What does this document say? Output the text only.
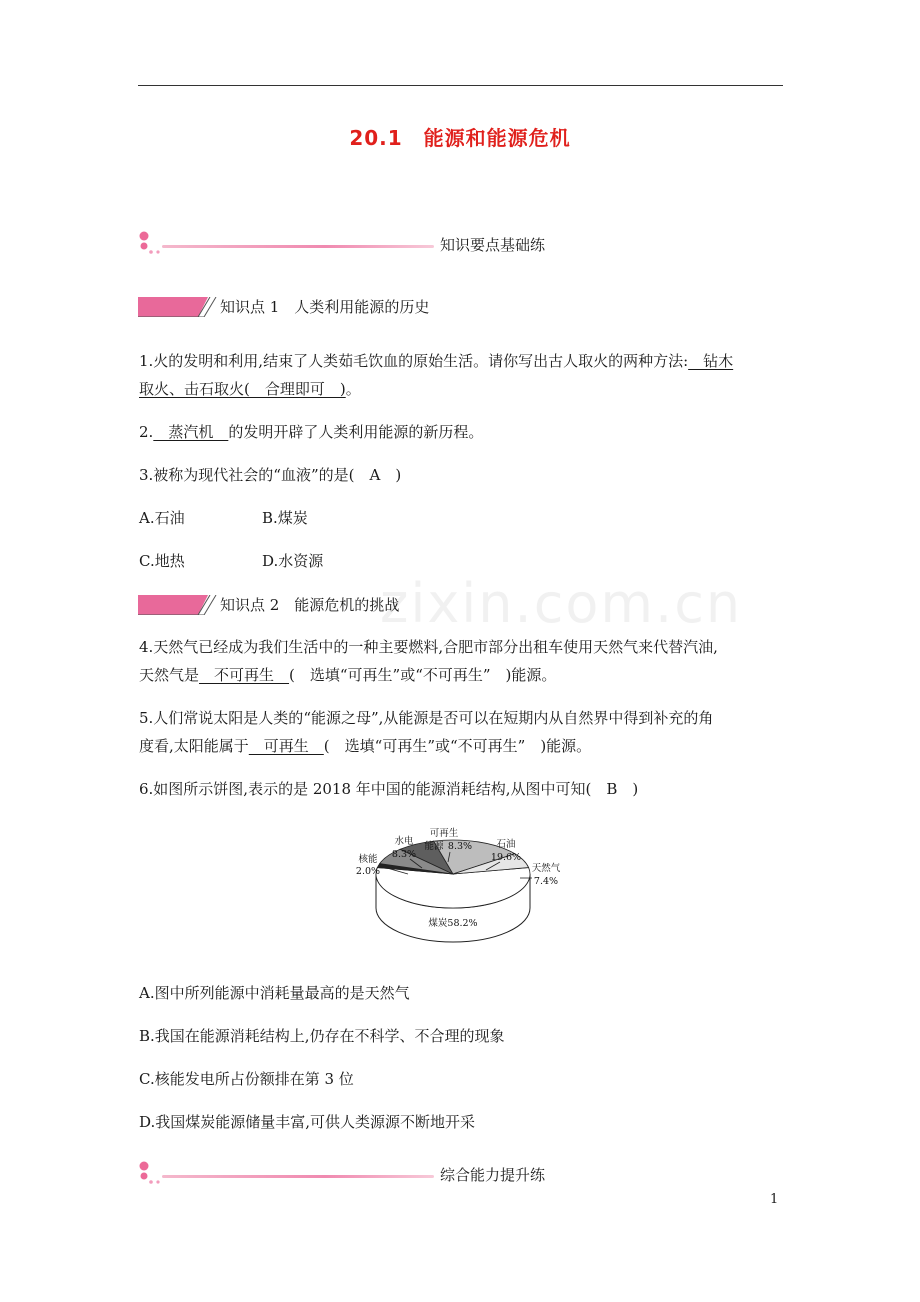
20.1　能源和能源危机
zixin.com.cn
知识要点基础练
知识点 1　人类利用能源的历史
1.火的发明和利用,结束了人类茹毛饮血的原始生活。请你写出古人取火的两种方法:　钻木
取火、击石取火(　合理即可　)。
2.　蒸汽机　的发明开辟了人类利用能源的新历程。
3.被称为现代社会的“血液”的是(　A　)
A.石油	B.煤炭
C.地热	D.水资源
知识点 2　能源危机的挑战
4.天然气已经成为我们生活中的一种主要燃料,合肥市部分出租车使用天然气来代替汽油,
天然气是　不可再生　(　选填“可再生”或“不可再生”　)能源。
5.人们常说太阳是人类的“能源之母”,从能源是否可以在短期内从自然界中得到补充的角
度看,太阳能属于　可再生　(　选填“可再生”或“不可再生”　)能源。
6.如图所示饼图,表示的是 2018 年中国的能源消耗结构,从图中可知(　B　)
煤炭58.2%
核能
2.0%
水电
8.3%
可再生
能源 8.3%	石油
19.6%
天然气
7.4%
A.图中所列能源中消耗量最高的是天然气
B.我国在能源消耗结构上,仍存在不科学、不合理的现象
C.核能发电所占份额排在第 3 位
D.我国煤炭能源储量丰富,可供人类源源不断地开采
综合能力提升练
1
